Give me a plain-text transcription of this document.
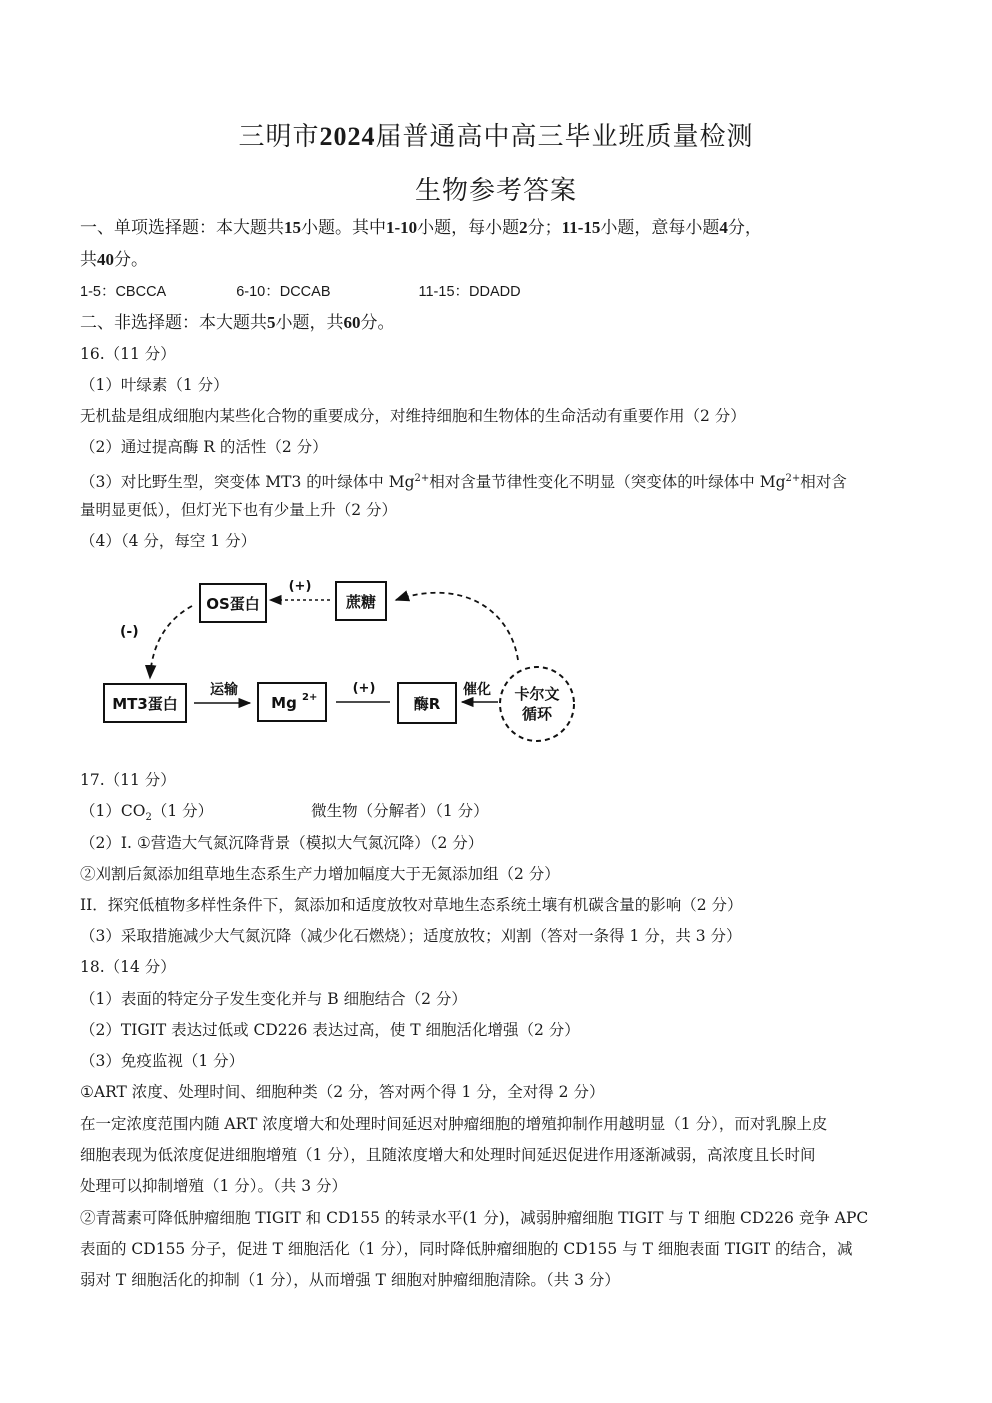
三明市2024届普通高中高三毕业班质量检测
生物参考答案
一、单项选择题：本大题共15小题。其中1-10小题，每小题2分；11-15小题，意每小题4分，
共40分。
1-5：CBCCA	6-10：DCCAB	11-15：DDADD
二、非选择题：本大题共5小题，共60分。
16.（11 分）
（1）叶绿素（1 分）
无机盐是组成细胞内某些化合物的重要成分，对维持细胞和生物体的生命活动有重要作用（2 分）
（2）通过提高酶 R 的活性（2 分）
（3）对比野生型，突变体 MT3 的叶绿体中 $Mg^{2+}$相对含量节律性变化不明显（突变体的叶绿体中 $Mg^{2+}$相对含
量明显更低），但灯光下也有少量上升（2 分）
（4）（4 分，每空 1 分）
OS蛋白	蔗糖
(+)
(-)
MT3蛋白
运输
Mg 2+
(+)
酶R
催化 卡尔文
循环
17.（11 分）
$(1)CO_2(1$ 分）	微生物（分解者）（1 分）
（2）I. ①营造大气氮沉降背景（模拟大气氮沉降）（2 分）
②刈割后氮添加组草地生态系生产力增加幅度大于无氮添加组（2 分）
II．探究低植物多样性条件下，氮添加和适度放牧对草地生态系统土壤有机碳含量的影响（2 分）
（3）采取措施减少大气氮沉降（减少化石燃烧）；适度放牧；刈割（答对一条得 1 分，共 3 分）
18.（14 分）
（1）表面的特定分子发生变化并与 B 细胞结合（2 分）
（2）TIGIT 表达过低或 CD226 表达过高，使 T 细胞活化增强（2 分）
（3）免疫监视（1 分）
①ART 浓度、处理时间、细胞种类（2 分，答对两个得 1 分，全对得 2 分）
在一定浓度范围内随 ART 浓度增大和处理时间延迟对肿瘤细胞的增殖抑制作用越明显（1 分），而对乳腺上皮
细胞表现为低浓度促进细胞增殖（1 分），且随浓度增大和处理时间延迟促进作用逐渐减弱，高浓度且长时间
处理可以抑制增殖（1 分）。（共 3 分）
②青蒿素可降低肿瘤细胞 TIGIT 和 CD155 的转录水平(1 分)，减弱肿瘤细胞 TIGIT 与 T 细胞 CD226 竞争 APC
表面的 CD155 分子，促进 T 细胞活化（1 分），同时降低肿瘤细胞的 CD155 与 T 细胞表面 TIGIT 的结合，减
弱对 T 细胞活化的抑制（1 分），从而增强 T 细胞对肿瘤细胞清除。（共 3 分）
